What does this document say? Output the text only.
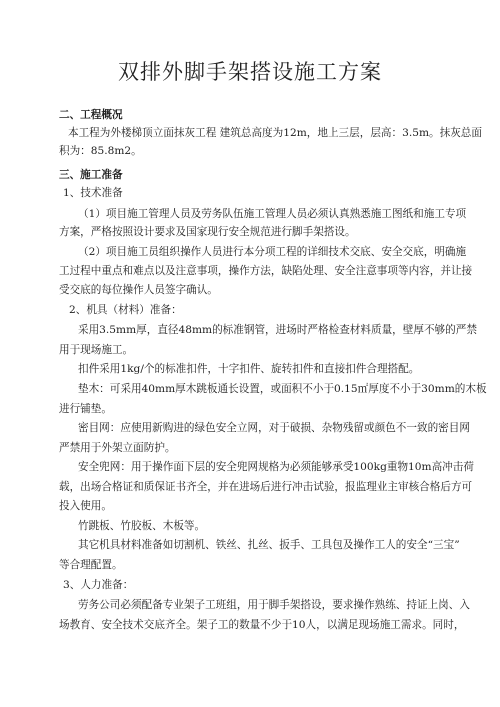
双排外脚手架搭设施工方案
二、工程概况
本工程为外楼梯顶立面抹灰工程 建筑总高度为12m，地上三层，层高：3.5m。抹灰总面
积为：85.8m2。
三、施工准备
1、技术准备
（1）项目施工管理人员及劳务队伍施工管理人员必须认真熟悉施工图纸和施工专项
方案，严格按照设计要求及国家现行安全规范进行脚手架搭设。
（2）项目施工员组织操作人员进行本分项工程的详细技术交底、安全交底，明确施
工过程中重点和难点以及注意事项，操作方法，缺陷处理、安全注意事项等内容，并让接
受交底的每位操作人员签字确认。
2、机具（材料）准备：
采用3.5mm厚，直径48mm的标准钢管，进场时严格检查材料质量，壁厚不够的严禁
用于现场施工。
扣件采用1kg/个的标准扣件，十字扣件、旋转扣件和直接扣件合理搭配。
垫木：可采用40mm厚木跳板通长设置，或面积不小于0.15㎡厚度不小于30mm的木板
进行铺垫。
密目网：应使用新购进的绿色安全立网，对于破损、杂物残留或颜色不一致的密目网
严禁用于外架立面防护。
安全兜网：用于操作面下层的安全兜网规格为必须能够承受100kg重物10m高冲击荷
载，出场合格证和质保证书齐全，并在进场后进行冲击试验，报监理业主审核合格后方可
投入使用。
竹跳板、竹胶板、木板等。
其它机具材料准备如切割机、铁丝、扎丝、扳手、工具包及操作工人的安全“三宝”
等合理配置。
3、人力准备：
劳务公司必须配备专业架子工班组，用于脚手架搭设，要求操作熟练、持证上岗、入
场教育、安全技术交底齐全。架子工的数量不少于10人，以满足现场施工需求。同时，
